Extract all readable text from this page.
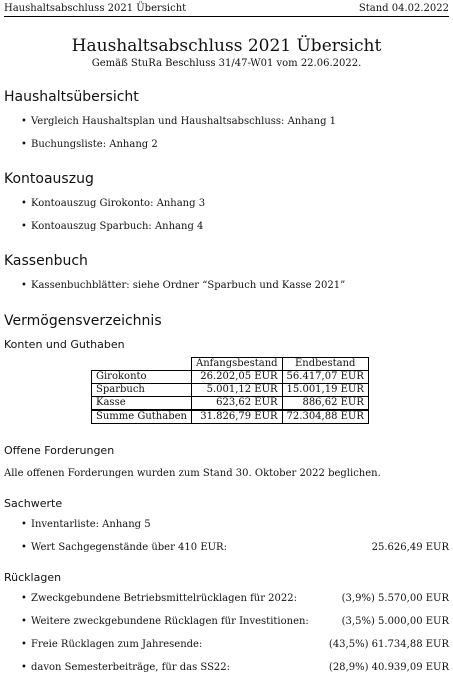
Haushaltsabschluss 2021 Übersicht	Stand 04.02.2022
Haushaltsabschluss 2021 Übersicht
Gemäß StuRa Beschluss 31/47-W01 vom 22.06.2022.
Haushaltsübersicht
• Vergleich Haushaltsplan und Haushaltsabschluss: Anhang 1
• Buchungsliste: Anhang 2
Kontoauszug
• Kontoauszug Girokonto: Anhang 3
• Kontoauszug Sparbuch: Anhang 4
Kassenbuch
• Kassenbuchblätter: siehe Ordner “Sparbuch und Kasse 2021”
Vermögensverzeichnis
Konten und Guthaben
	Anfangsbestand	Endbestand
Girokonto	26.202,05 EUR	56.417,07 EUR
Sparbuch	5.001,12 EUR	15.001,19 EUR
Kasse	623,62 EUR	886,62 EUR
Summe Guthaben	31.826,79 EUR	72.304,88 EUR
Offene Forderungen
Alle offenen Forderungen wurden zum Stand 30. Oktober 2022 beglichen.
Sachwerte
• Inventarliste: Anhang 5
• Wert Sachgegenstände über 410 EUR:	25.626,49 EUR
Rücklagen
• Zweckgebundene Betriebsmittelrücklagen für 2022:	(3,9%) 5.570,00 EUR
• Weitere zweckgebundene Rücklagen für Investitionen:	(3,5%) 5.000,00 EUR
• Freie Rücklagen zum Jahresende:	(43,5%) 61.734,88 EUR
• davon Semesterbeiträge, für das SS22:	(28,9%) 40.939,09 EUR
